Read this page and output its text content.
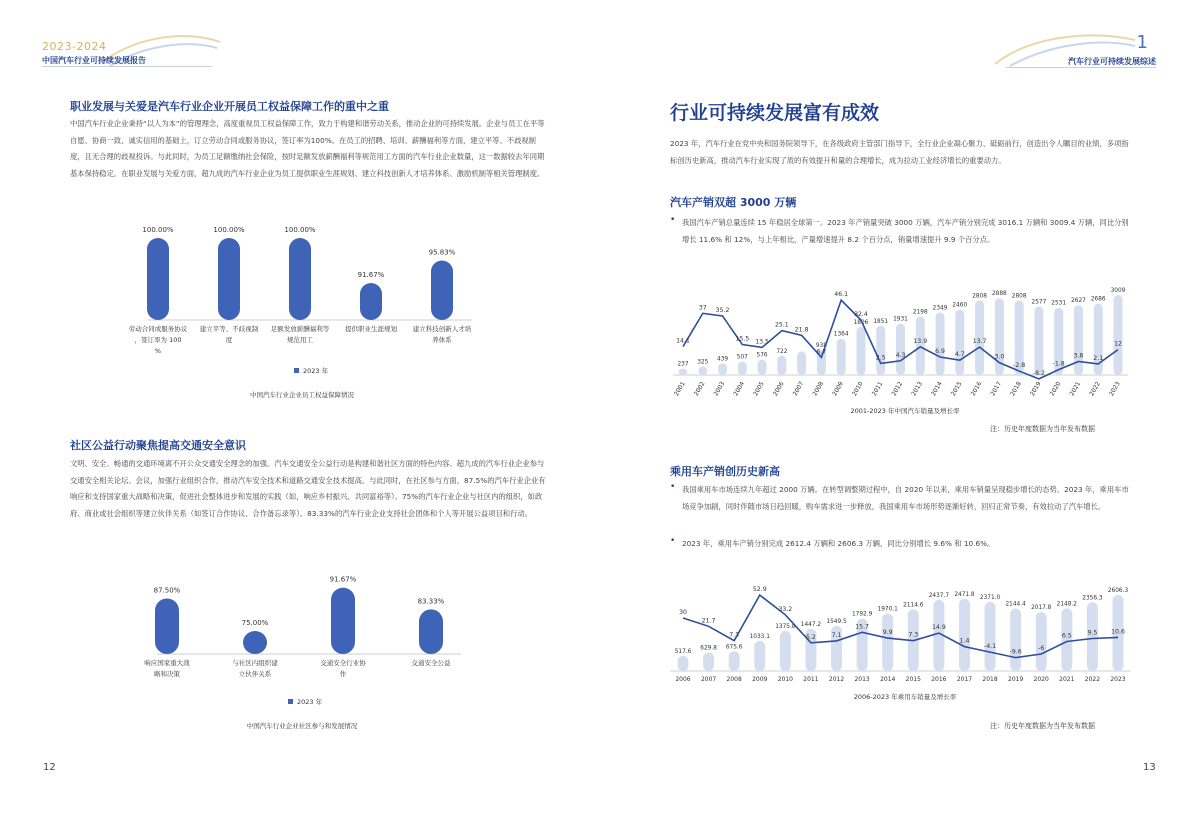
2023-2024
中国汽车行业可持续发展报告
1
汽车行业可持续发展综述
职业发展与关爱是汽车行业企业开展员工权益保障工作的重中之重
中国汽车行业企业秉持“以人为本”的管理理念，高度重视员工权益保障工作，致力于构建和谐劳动关系，推动企业的可持续发展。企业与员工在平等自愿、协商一致、诚实信用的基础上，订立劳动合同或服务协议，签订率为100%。在员工的招聘、培训、薪酬福利等方面，建立平等、不歧视制度，且无合理的歧视投诉。与此同时，为员工足额缴纳社会保险，按时足额发放薪酬福利等规范用工方面的汽车行业企业数量，这一数据较去年同期基本保持稳定。在职业发展与关爱方面，超九成的汽车行业企业为员工提供职业生涯规划、建立科技创新人才培养体系、激励机制等相关管理制度。
100.00%
劳动合同或服务协议
，签订率为 100
%
100.00%
建立平等、不歧视制
度
100.00%
足额发放薪酬福利等
规范用工
91.67%
提供职业生涯规划
95.83%
建立科技创新人才培
养体系
2023 年
中国汽车行业企业员工权益保障情况
社区公益行动聚焦提高交通安全意识
文明、安全、畅通的交通环境离不开公众交通安全理念的加强。汽车交通安全公益行动是构建和谐社区方面的特色内容。超九成的汽车行业企业参与交通安全相关论坛、会议，加强行业组织合作，推动汽车安全技术和道路交通安全技术提高。与此同时，在社区参与方面，87.5%的汽车行业企业有响应和支持国家重大战略和决策，促进社会整体进步和发展的实践（如，响应乡村振兴、共同富裕等）。75%的汽车行业企业与社区内的组织，如政府、商业或社会组织等建立伙伴关系（如签订合作协议、合作备忘录等）。83.33%的汽车行业企业支持社会团体和个人等开展公益项目和行动。
87.50%
响应国家重大战
略和决策
75.00%
与社区内组织建
立伙伴关系
91.67%
交通安全行业协
作
83.33%
交通安全公益
2023 年
中国汽车行业企业社区参与和发展情况
12
行业可持续发展富有成效
2023 年，汽车行业在党中央和国务院领导下，在各级政府主管部门指导下，全行业企业凝心聚力、砥砺前行，创造出令人瞩目的业绩，多项指标创历史新高，推动汽车行业实现了质的有效提升和量的合理增长，成为拉动工业经济增长的重要动力。
汽车产销双超 3000 万辆
• 我国汽车产销总量连续 15 年稳居全球第一。2023 年产销量突破 3000 万辆，汽车产销分别完成 3016.1 万辆和 3009.4 万辆，同比分别增长 11.6% 和 12%，与上年相比，产量增速提升 8.2 个百分点，销量增速提升 9.9 个百分点。
237 325
439 507 576
722
938
1364
1806 1851 1931
2198
2349 2460
2808 2888 2808
2577 2531 2627 2686
3009
14.1
2001
37
2002
35.2
2003
15.5
2004
13.5
2005
25.1
2006
21.8
2007
6.7
2008
46.1
2009
32.4
2010
2.5
2011
4.3
2012
13.9
2013
6.9
2014
4.7
2015
13.7
2016
3.0
2017
-2.8
2018
-8.2
2019
-1.8
2020
3.8
2021
2.1
2022
12
2023
2001-2023 年中国汽车销量及增长率
注：历史年度数据为当年发布数据
乘用车产销创历史新高
• 我国乘用车市场连续九年超过 2000 万辆。在转型调整期过程中，自 2020 年以来，乘用车销量呈现稳步增长的态势。2023 年，乘用车市场竞争加剧，同时伴随市场日趋回暖，购车需求进一步释放，我国乘用车市场形势逐渐好转，回归正常节奏，有效拉动了汽车增长。
• 2023 年，乘用车产销分别完成 2612.4 万辆和 2606.3 万辆，同比分别增长 9.6% 和 10.6%。
517.6
629.8 675.6
1033.1
1375.8 1447.2 1549.5
1792.9
1970.1
2114.6
2437.7 2471.8 2371.0
2144.4
2017.8
2148.2
2356.3
2606.3
30
2006
21.7
2007
7.3
2008
52.9
2009
33.2
2010
5.2
2011
7.1
2012
15.7
2013
9.9
2014
7.3
2015
14.9
2016
1.4
2017
-4.1
2018
-9.6
2019
-6
2020
6.5
2021
9.5
2022
10.6
2023
2006-2023 年乘用车销量及增长率
注：历史年度数据为当年发布数据
13
